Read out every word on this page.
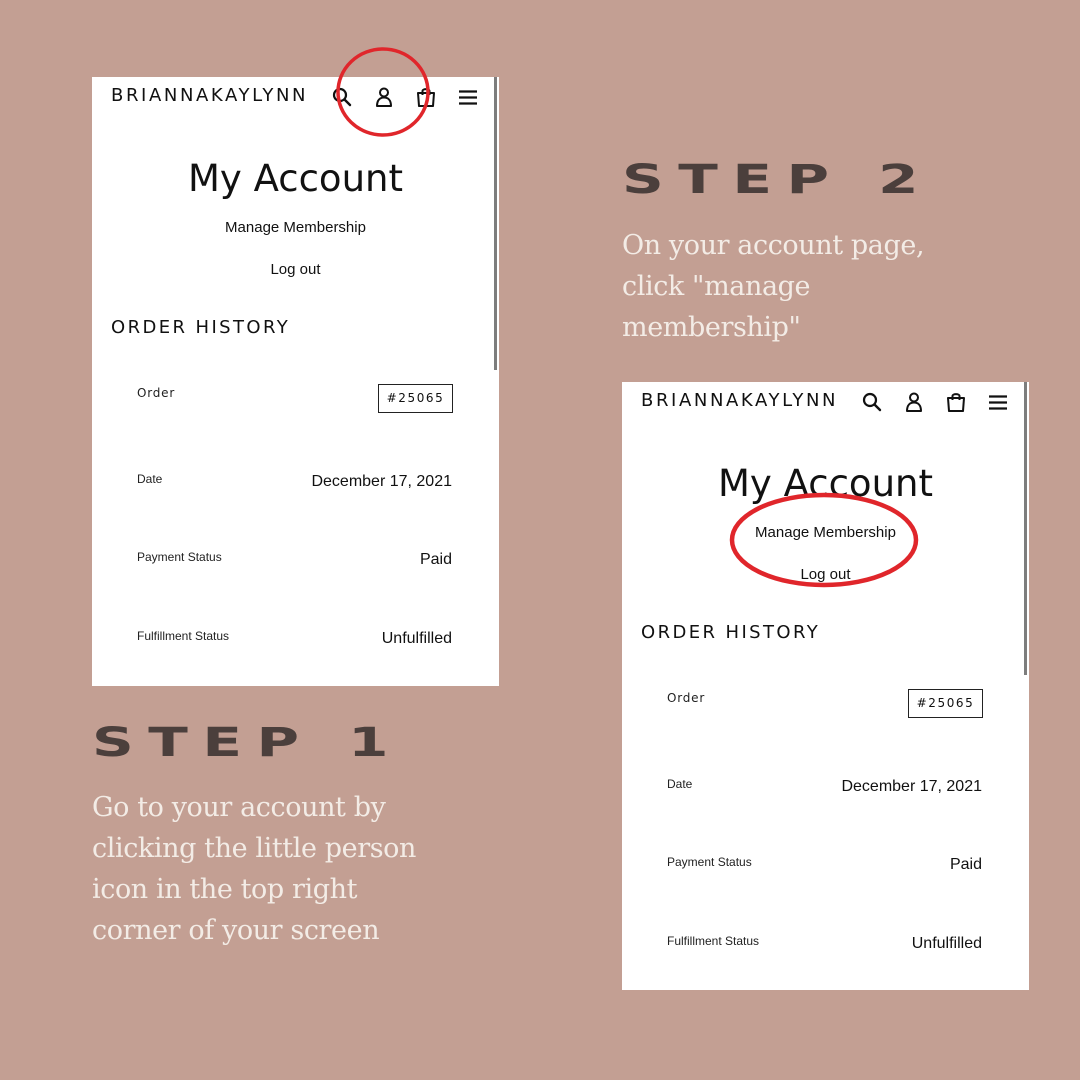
BRIANNAKAYLYNN
My Account
Manage Membership
Log out
ORDER HISTORY
Order	#25065
Date	December 17, 2021
Payment Status	Paid
Fulfillment Status	Unfulfilled
BRIANNAKAYLYNN
My Account
Manage Membership
Log out
ORDER HISTORY
Order	#25065
Date	December 17, 2021
Payment Status	Paid
Fulfillment Status	Unfulfilled
STEP 2
On your account page,
click "manage
membership"
STEP 1
Go to your account by
clicking the little person
icon in the top right
corner of your screen
